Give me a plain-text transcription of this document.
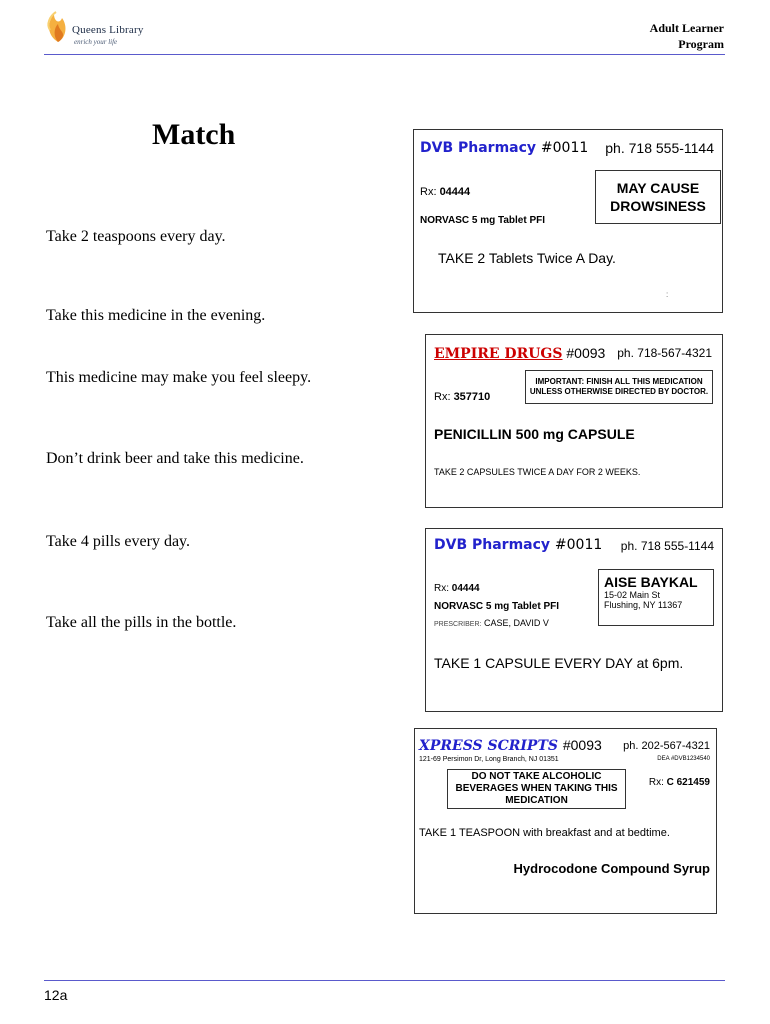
Queens Library
enrich your life
Adult Learner
Program
Match
Take 2 teaspoons every day.
Take this medicine in the evening.
This medicine may make you feel sleepy.
Don’t drink beer and take this medicine.
Take 4 pills every day.
Take all the pills in the bottle.
DVB Pharmacy #0011 ph. 718 555-1144
Rx: 04444
NORVASC 5 mg Tablet PFI
MAY CAUSE DROWSINESS
TAKE 2 Tablets Twice A Day.
:
EMPIRE DRUGS #0093 ph. 718-567-4321
Rx: 357710
IMPORTANT: FINISH ALL THIS MEDICATION UNLESS OTHERWISE DIRECTED BY DOCTOR.
PENICILLIN 500 mg CAPSULE
TAKE 2 CAPSULES TWICE A DAY FOR 2 WEEKS.
DVB Pharmacy #0011 ph. 718 555-1144
Rx: 04444
NORVASC 5 mg Tablet PFI
PRESCRIBER: CASE, DAVID V
AISE BAYKAL
15-02 Main St
Flushing, NY 11367
TAKE 1 CAPSULE EVERY DAY at 6pm.
XPRESS SCRIPTS #0093 ph. 202-567-4321
121-69 Persimon Dr, Long Branch, NJ 01351	DEA #DVB1234540
DO NOT TAKE ALCOHOLIC BEVERAGES WHEN TAKING THIS MEDICATION
Rx: C 621459
TAKE 1 TEASPOON with breakfast and at bedtime.
Hydrocodone Compound Syrup
12a
